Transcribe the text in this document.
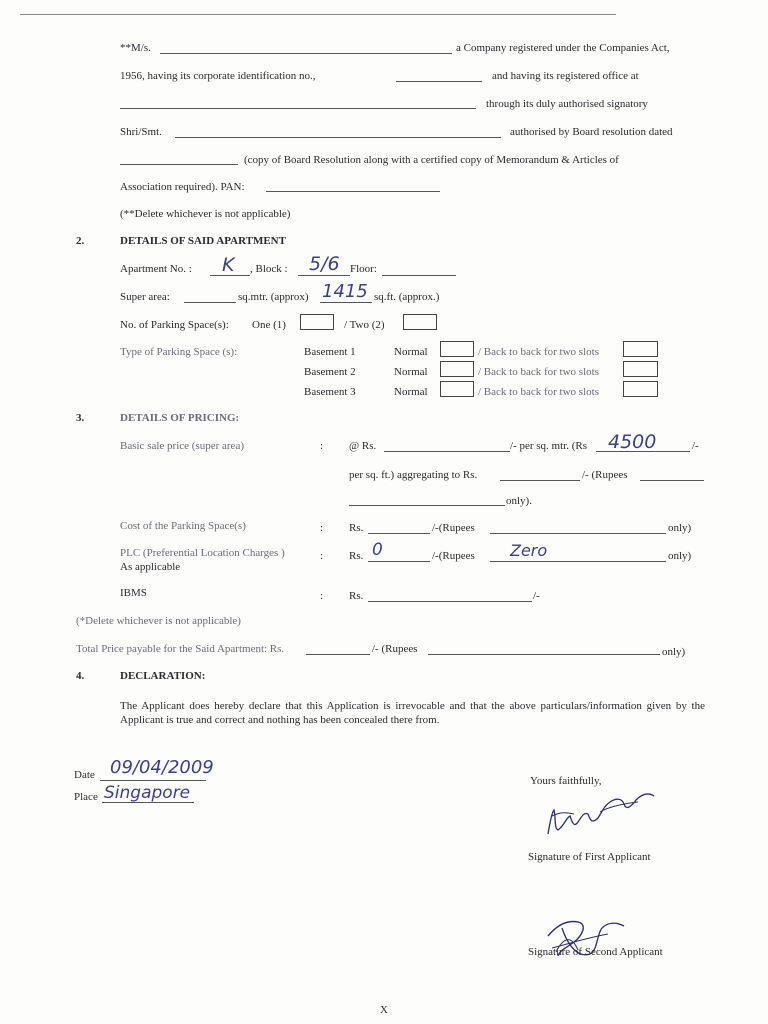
**M/s.	a Company registered under the Companies Act,
1956, having its corporate identification no.,	and having its registered office at
through its duly authorised signatory
Shri/Smt.	authorised by Board resolution dated
(copy of Board Resolution along with a certified copy of Memorandum & Articles of
Association required). PAN:
(**Delete whichever is not applicable)
2.	DETAILS OF SAID APARTMENT
Apartment No. : K , Block : 5/6 Floor:
Super area:	sq.mtr. (approx) 1415 sq.ft. (approx.)
No. of Parking Space(s): One (1)	/ Two (2)
Type of Parking Space (s):	Basement 1	Normal	/ Back to back for two slots
Basement 2	Normal	/ Back to back for two slots
Basement 3	Normal	/ Back to back for two slots
3.	DETAILS OF PRICING:
Basic sale price (super area)	: @ Rs.	/- per sq. mtr. (Rs 4500	/-
per sq. ft.) aggregating to Rs.	/- (Rupees
only).
Cost of the Parking Space(s)	: Rs.	/-(Rupees	only)
PLC (Preferential Location Charges )
As applicable
: Rs. 0	/-(Rupees Zero	only)
IBMS	: Rs.	/-
(*Delete whichever is not applicable)
Total Price payable for the Said Apartment: Rs.	/- (Rupees	only)
4.	DECLARATION:
The Applicant does hereby declare that this Application is irrevocable and that the above particulars/information given by the Applicant is true and correct and nothing has been concealed there from.
Date 09/04/2009
Place Singapore
Yours faithfully,
Signature of First Applicant
Signature of Second Applicant
X
